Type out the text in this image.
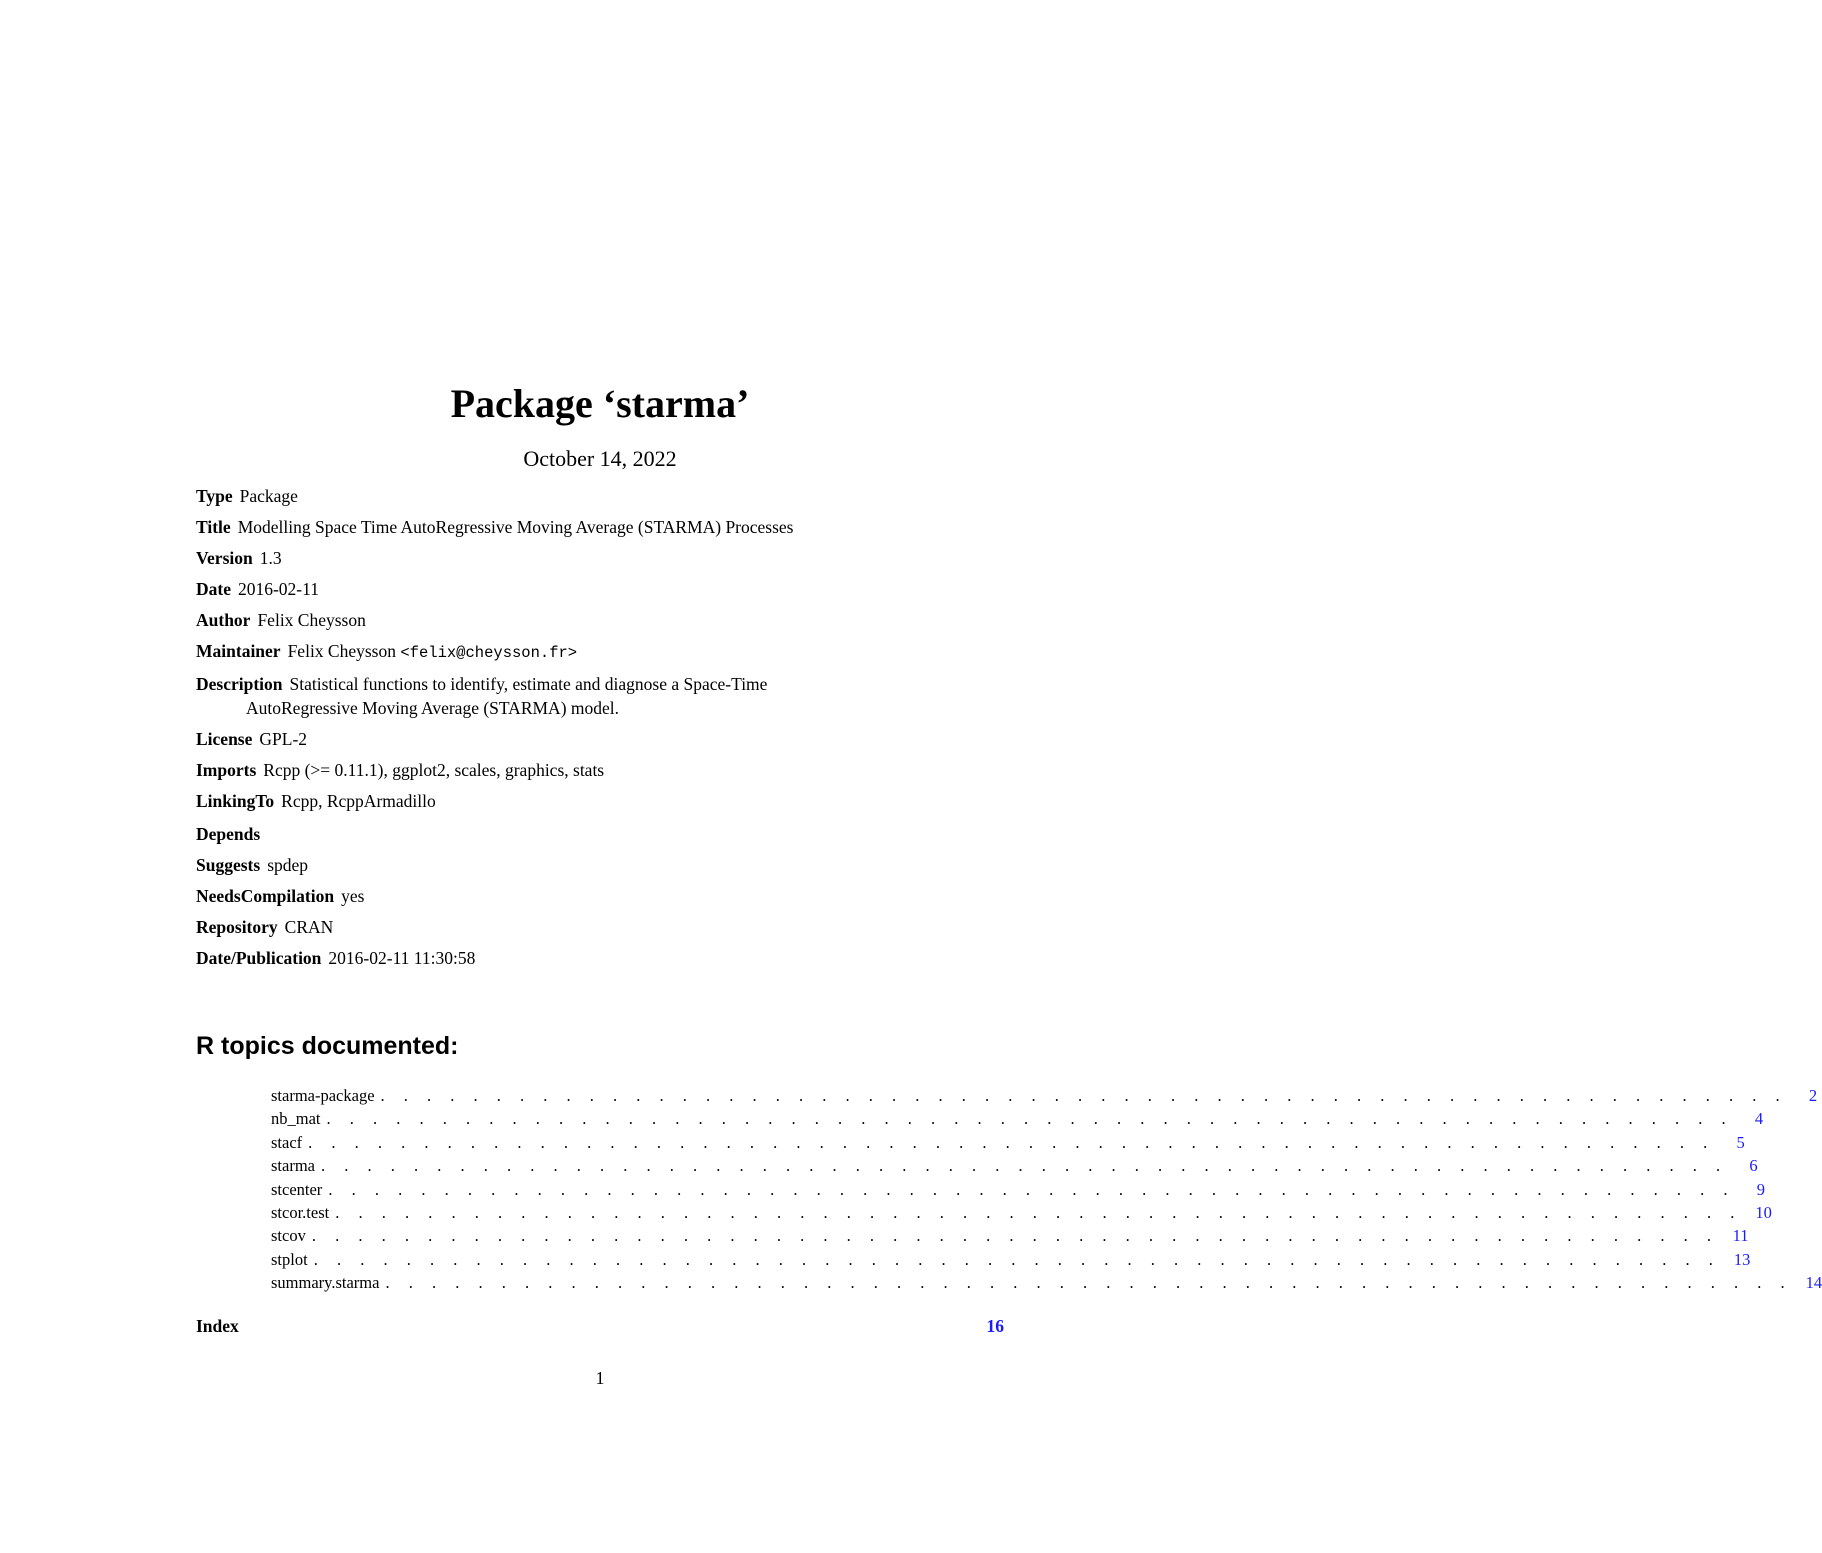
Package ‘starma’
October 14, 2022
Type Package
Title Modelling Space Time AutoRegressive Moving Average (STARMA) Processes
Version 1.3
Date 2016-02-11
Author Felix Cheysson
Maintainer Felix Cheysson <felix@cheysson.fr>
Description Statistical functions to identify, estimate and diagnose a Space-Time AutoRegressive Moving Average (STARMA) model.
License GPL-2
Imports Rcpp (>= 0.11.1), ggplot2, scales, graphics, stats
LinkingTo Rcpp, RcppArmadillo
Depends
Suggests spdep
NeedsCompilation yes
Repository CRAN
Date/Publication 2016-02-11 11:30:58
R topics documented:
starma-package . . . . . . . . . . . . . . . . . . . . . . . . . . . . . . . . . . . . . . . . . . . . . . . . . . . . . . . . . . . . .	2
nb_mat . . . . . . . . . . . . . . . . . . . . . . . . . . . . . . . . . . . . . . . . . . . . . . . . . . . . . . . . . . . . .	4
stacf . . . . . . . . . . . . . . . . . . . . . . . . . . . . . . . . . . . . . . . . . . . . . . . . . . . . . . . . . . . . .	5
starma . . . . . . . . . . . . . . . . . . . . . . . . . . . . . . . . . . . . . . . . . . . . . . . . . . . . . . . . . . . . .	6
stcenter . . . . . . . . . . . . . . . . . . . . . . . . . . . . . . . . . . . . . . . . . . . . . . . . . . . . . . . . . . . . .	9
stcor.test . . . . . . . . . . . . . . . . . . . . . . . . . . . . . . . . . . . . . . . . . . . . . . . . . . . . . . . . . . . . . 10
stcov . . . . . . . . . . . . . . . . . . . . . . . . . . . . . . . . . . . . . . . . . . . . . . . . . . . . . . . . . . . . . 11
stplot . . . . . . . . . . . . . . . . . . . . . . . . . . . . . . . . . . . . . . . . . . . . . . . . . . . . . . . . . . . . . 13
summary.starma . . . . . . . . . . . . . . . . . . . . . . . . . . . . . . . . . . . . . . . . . . . . . . . . . . . . . . . . . . . . . 14
Index	16
1
